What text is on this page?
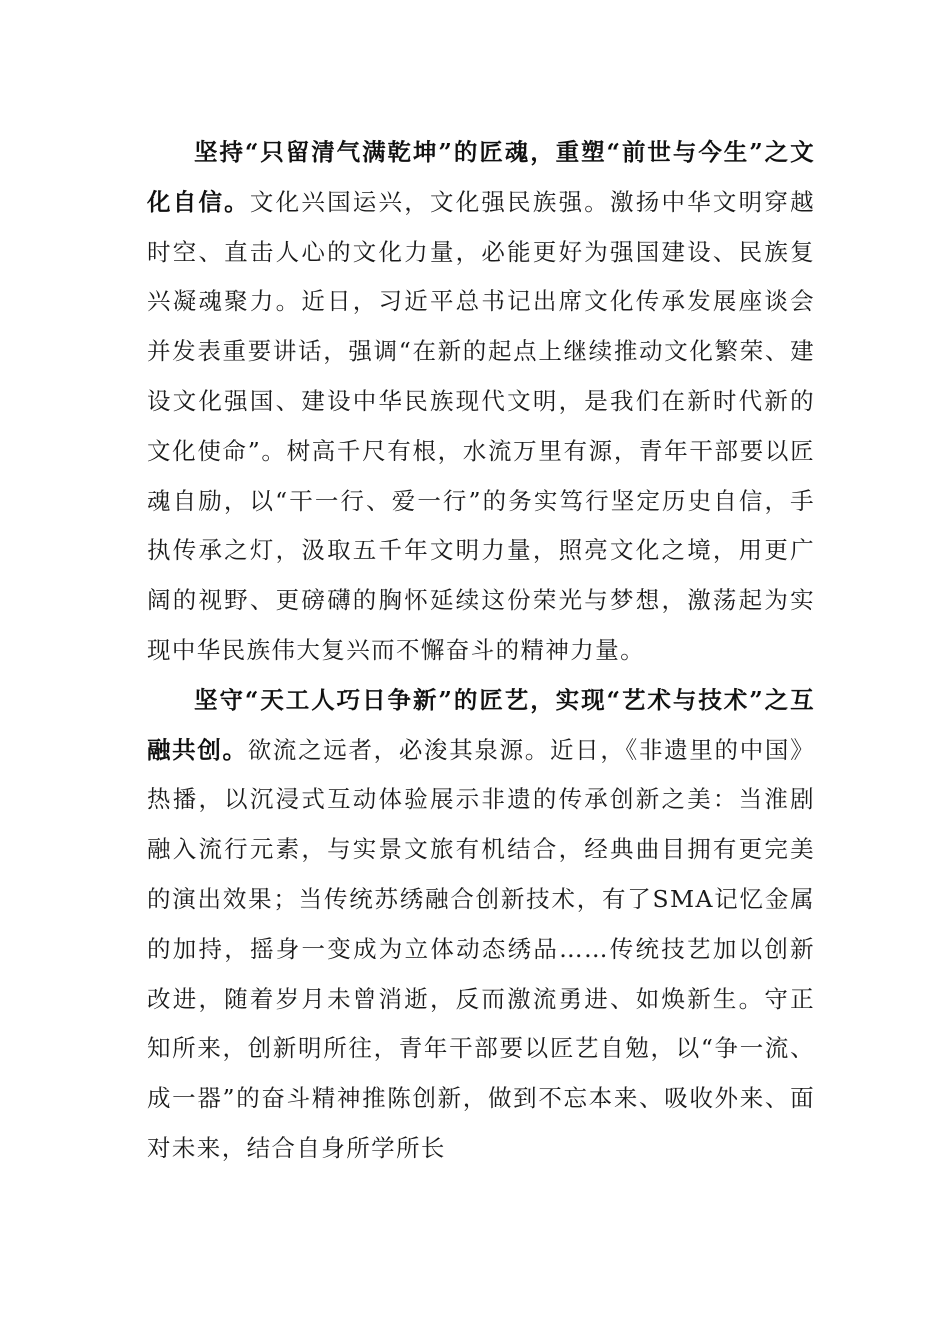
坚持“只留清气满乾坤”的匠魂，重塑“前世与今生”之文化自信。文化兴国运兴，文化强民族强。激扬中华文明穿越时空、直击人心的文化力量，必能更好为强国建设、民族复兴凝魂聚力。近日，习近平总书记出席文化传承发展座谈会并发表重要讲话，强调“在新的起点上继续推动文化繁荣、建设文化强国、建设中华民族现代文明，是我们在新时代新的文化使命”。树高千尺有根，水流万里有源，青年干部要以匠魂自励，以“干一行、爱一行”的务实笃行坚定历史自信，手执传承之灯，汲取五千年文明力量，照亮文化之境，用更广阔的视野、更磅礴的胸怀延续这份荣光与梦想，激荡起为实现中华民族伟大复兴而不懈奋斗的精神力量。

坚守“天工人巧日争新”的匠艺，实现“艺术与技术”之互融共创。欲流之远者，必浚其泉源。近日，《非遗里的中国》热播，以沉浸式互动体验展示非遗的传承创新之美：当淮剧融入流行元素，与实景文旅有机结合，经典曲目拥有更完美的演出效果；当传统苏绣融合创新技术，有了SMA记忆金属的加持，摇身一变成为立体动态绣品……传统技艺加以创新改进，随着岁月未曾消逝，反而激流勇进、如焕新生。守正知所来，创新明所往，青年干部要以匠艺自勉，以“争一流、成一器”的奋斗精神推陈创新，做到不忘本来、吸收外来、面对未来，结合自身所学所长
